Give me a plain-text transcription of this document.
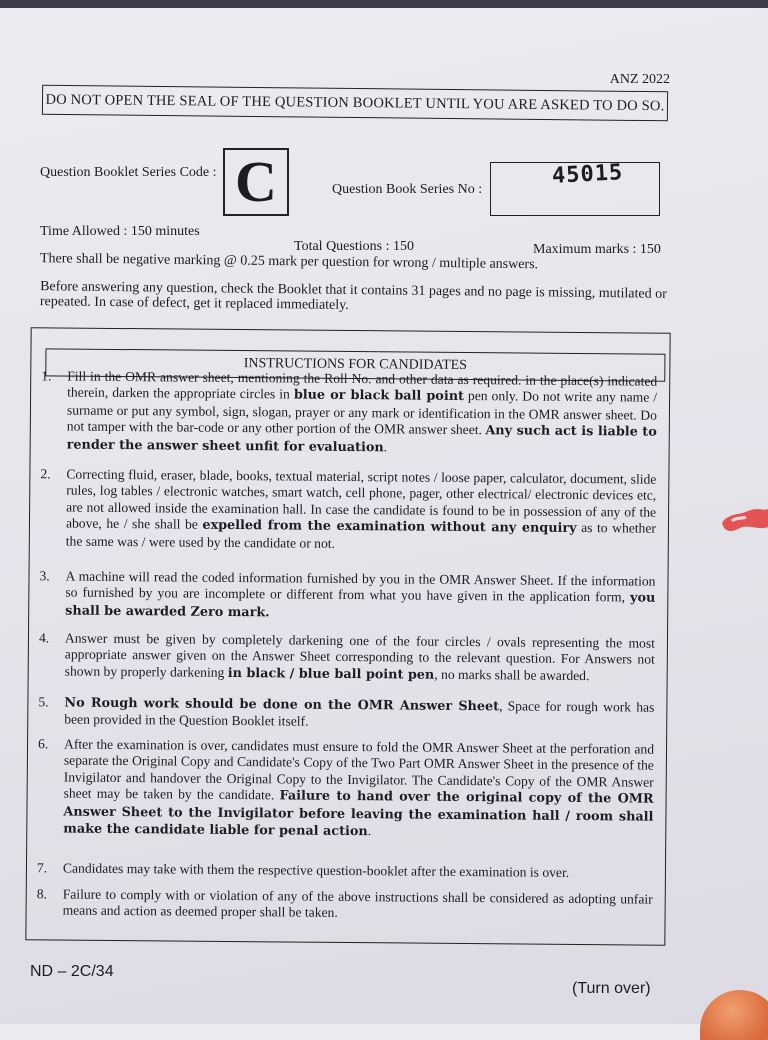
ANZ 2022
DO NOT OPEN THE SEAL OF THE QUESTION BOOKLET UNTIL YOU ARE ASKED TO DO SO.
Question Booklet Series Code : C	Question Book Series No :
45015
Time Allowed : 150 minutes
Total Questions : 150	Maximum marks : 150
There shall be negative marking @ 0.25 mark per question for wrong / multiple answers.
Before answering any question, check the Booklet that it contains 31 pages and no page is missing, mutilated or repeated. In case of defect, get it replaced immediately.
INSTRUCTIONS FOR CANDIDATES
1. Fill in the OMR answer sheet, mentioning the Roll No. and other data as required. in the place(s) indicated therein, darken the appropriate circles in blue or black ball point pen only. Do not write any name / surname or put any symbol, sign, slogan, prayer or any mark or identification in the OMR answer sheet. Do not tamper with the bar-code or any other portion of the OMR answer sheet. Any such act is liable to render the answer sheet unfit for evaluation.
2. Correcting fluid, eraser, blade, books, textual material, script notes / loose paper, calculator, document, slide rules, log tables / electronic watches, smart watch, cell phone, pager, other electrical/ electronic devices etc, are not allowed inside the examination hall. In case the candidate is found to be in possession of any of the above, he / she shall be expelled from the examination without any enquiry as to whether the same was / were used by the candidate or not.
3. A machine will read the coded information furnished by you in the OMR Answer Sheet. If the information so furnished by you are incomplete or different from what you have given in the application form, you shall be awarded Zero mark.
4. Answer must be given by completely darkening one of the four circles / ovals representing the most appropriate answer given on the Answer Sheet corresponding to the relevant question. For Answers not shown by properly darkening in black / blue ball point pen, no marks shall be awarded.
5. No Rough work should be done on the OMR Answer Sheet, Space for rough work has been provided in the Question Booklet itself.
6. After the examination is over, candidates must ensure to fold the OMR Answer Sheet at the perforation and separate the Original Copy and Candidate's Copy of the Two Part OMR Answer Sheet in the presence of the Invigilator and handover the Original Copy to the Invigilator. The Candidate's Copy of the OMR Answer sheet may be taken by the candidate. Failure to hand over the original copy of the OMR Answer Sheet to the Invigilator before leaving the examination hall / room shall make the candidate liable for penal action.
7. Candidates may take with them the respective question-booklet after the examination is over.
8. Failure to comply with or violation of any of the above instructions shall be considered as adopting unfair means and action as deemed proper shall be taken.
ND – 2C/34
(Turn over)
